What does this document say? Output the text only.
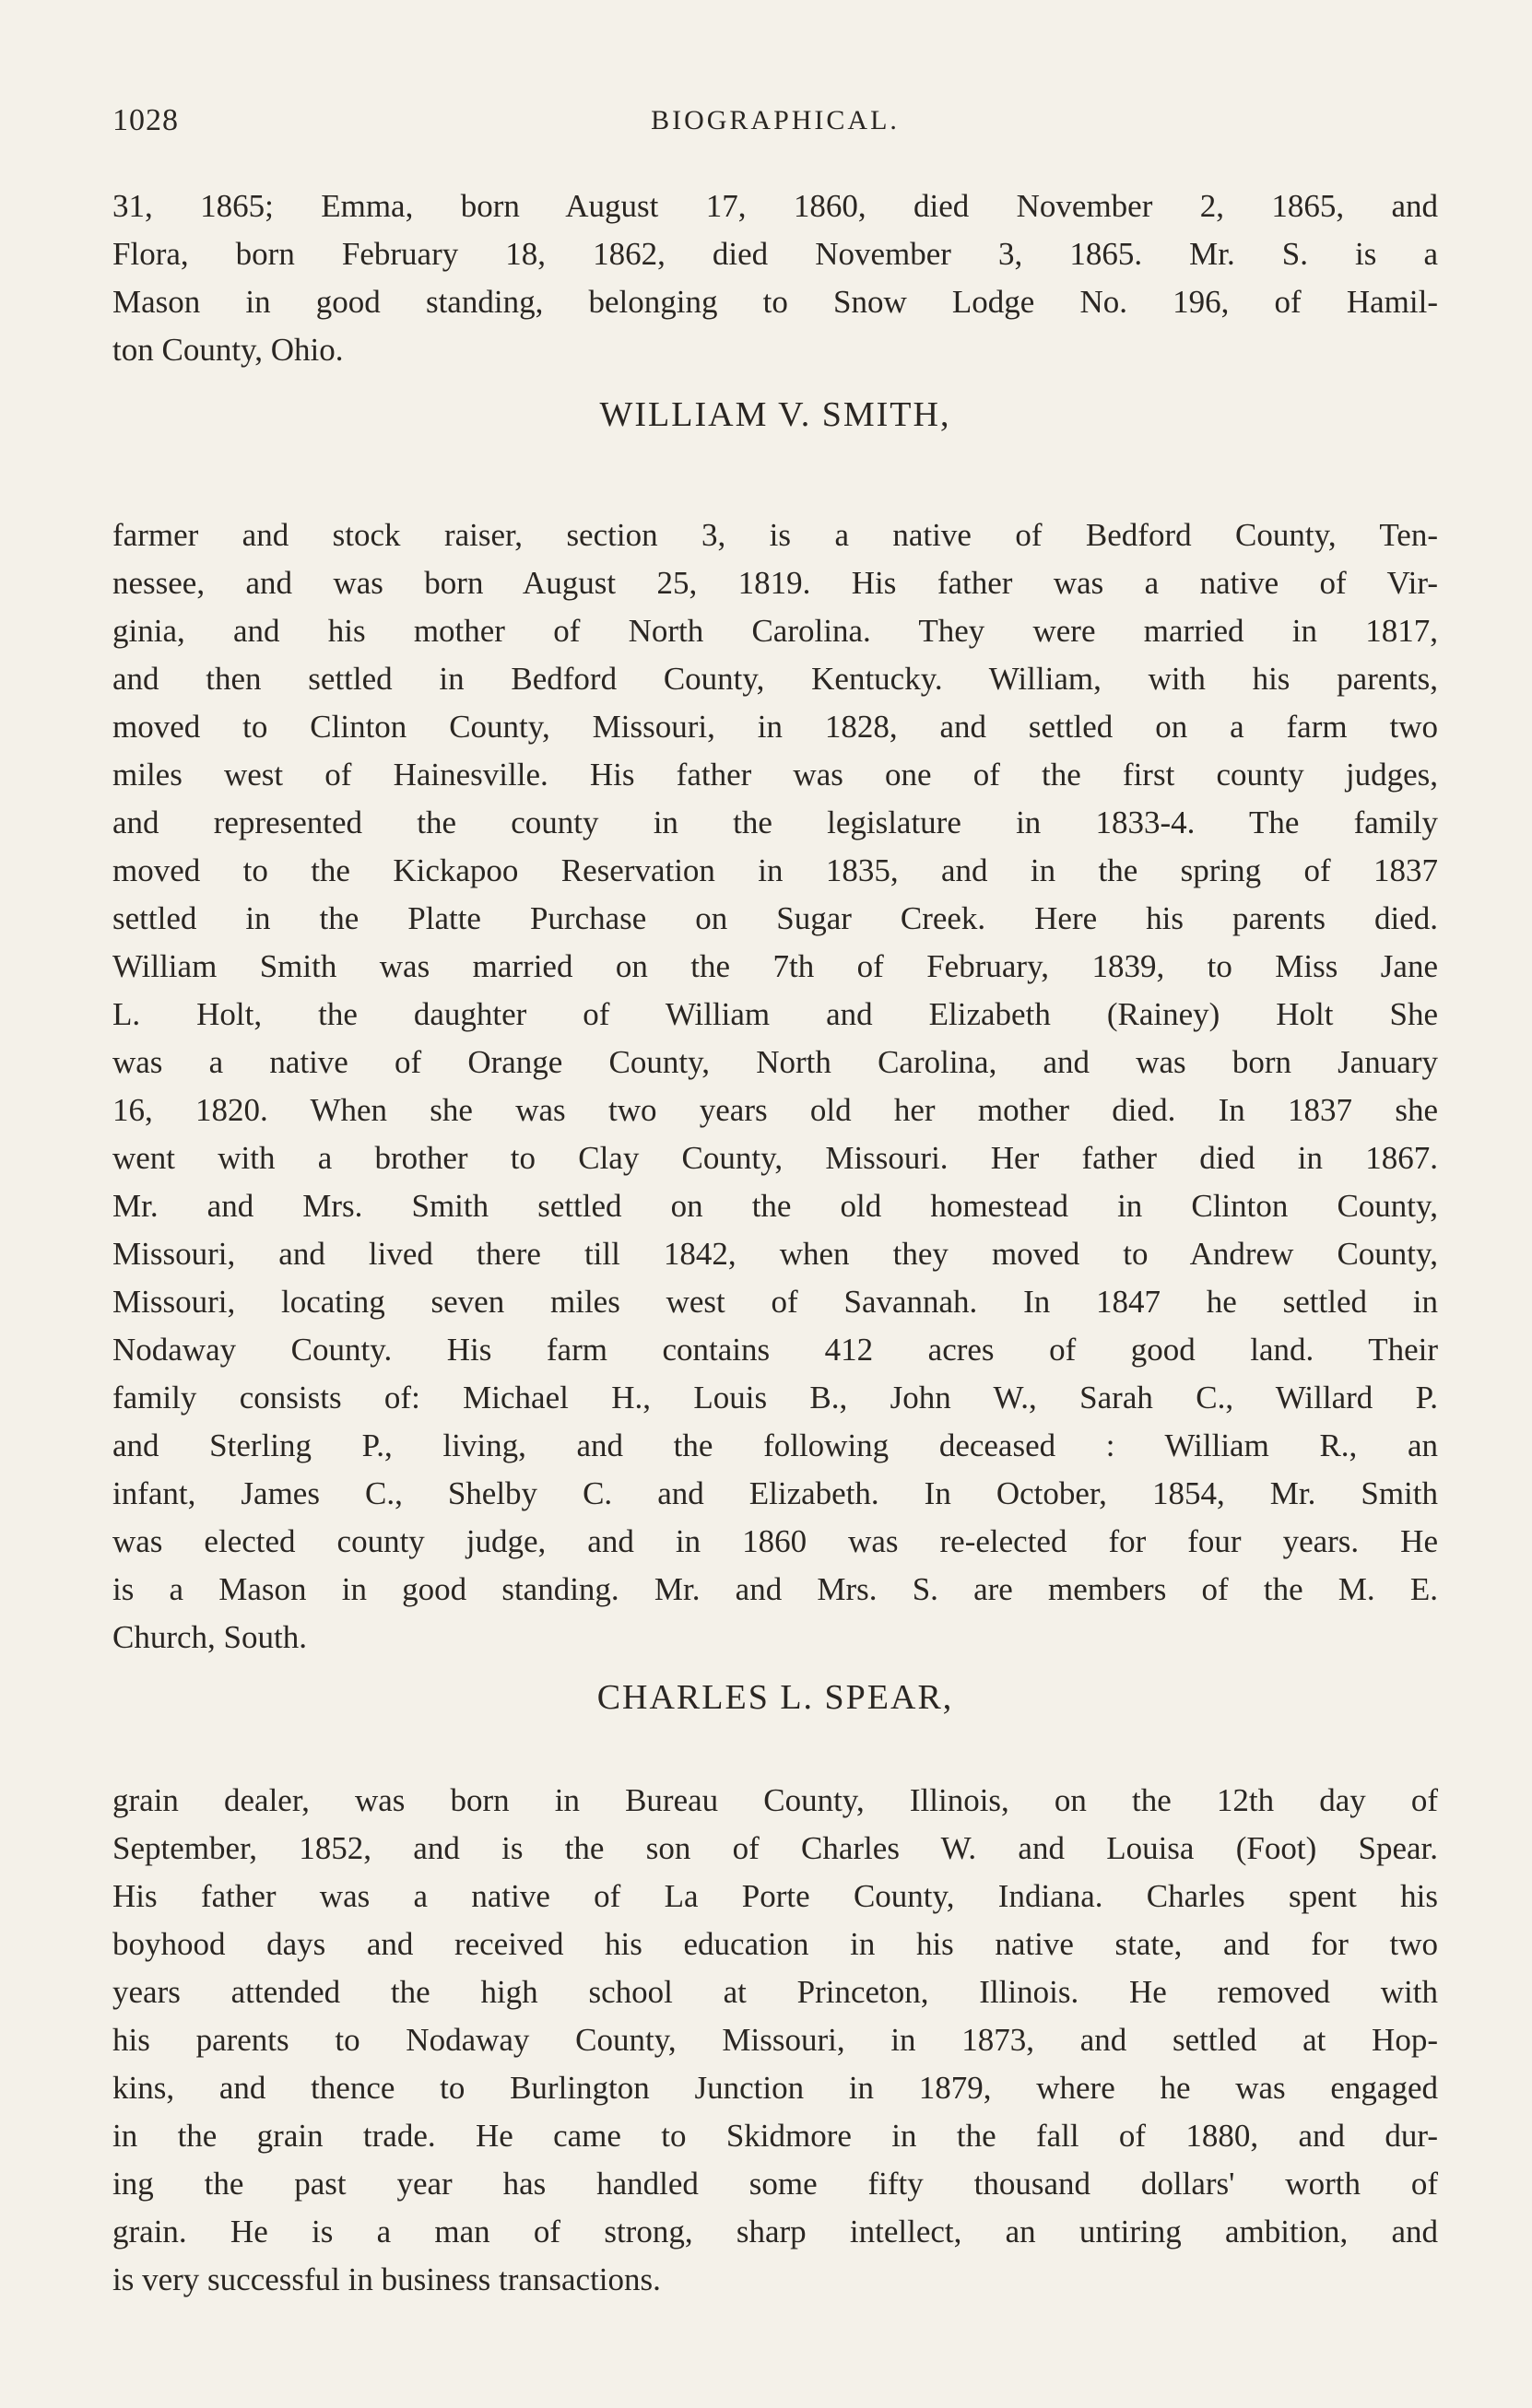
1028	BIOGRAPHICAL.
31, 1865; Emma, born August 17, 1860, died November 2, 1865, and
Flora, born February 18, 1862, died November 3, 1865. Mr. S. is a
Mason in good standing, belonging to Snow Lodge No. 196, of Hamil-
ton County, Ohio.
WILLIAM V. SMITH,
farmer and stock raiser, section 3, is a native of Bedford County, Ten-
nessee, and was born August 25, 1819. His father was a native of Vir-
ginia, and his mother of North Carolina. They were married in 1817,
and then settled in Bedford County, Kentucky. William, with his parents,
moved to Clinton County, Missouri, in 1828, and settled on a farm two
miles west of Hainesville. His father was one of the first county judges,
and represented the county in the legislature in 1833-4. The family
moved to the Kickapoo Reservation in 1835, and in the spring of 1837
settled in the Platte Purchase on Sugar Creek. Here his parents died.
William Smith was married on the 7th of February, 1839, to Miss Jane
L. Holt, the daughter of William and Elizabeth (Rainey) Holt She
was a native of Orange County, North Carolina, and was born January
16, 1820. When she was two years old her mother died. In 1837 she
went with a brother to Clay County, Missouri. Her father died in 1867.
Mr. and Mrs. Smith settled on the old homestead in Clinton County,
Missouri, and lived there till 1842, when they moved to Andrew County,
Missouri, locating seven miles west of Savannah. In 1847 he settled in
Nodaway County. His farm contains 412 acres of good land. Their
family consists of: Michael H., Louis B., John W., Sarah C., Willard P.
and Sterling P., living, and the following deceased : William R., an
infant, James C., Shelby C. and Elizabeth. In October, 1854, Mr. Smith
was elected county judge, and in 1860 was re-elected for four years. He
is a Mason in good standing. Mr. and Mrs. S. are members of the M. E.
Church, South.
CHARLES L. SPEAR,
grain dealer, was born in Bureau County, Illinois, on the 12th day of
September, 1852, and is the son of Charles W. and Louisa (Foot) Spear.
His father was a native of La Porte County, Indiana. Charles spent his
boyhood days and received his education in his native state, and for two
years attended the high school at Princeton, Illinois. He removed with
his parents to Nodaway County, Missouri, in 1873, and settled at Hop-
kins, and thence to Burlington Junction in 1879, where he was engaged
in the grain trade. He came to Skidmore in the fall of 1880, and dur-
ing the past year has handled some fifty thousand dollars' worth of
grain. He is a man of strong, sharp intellect, an untiring ambition, and
is very successful in business transactions.
